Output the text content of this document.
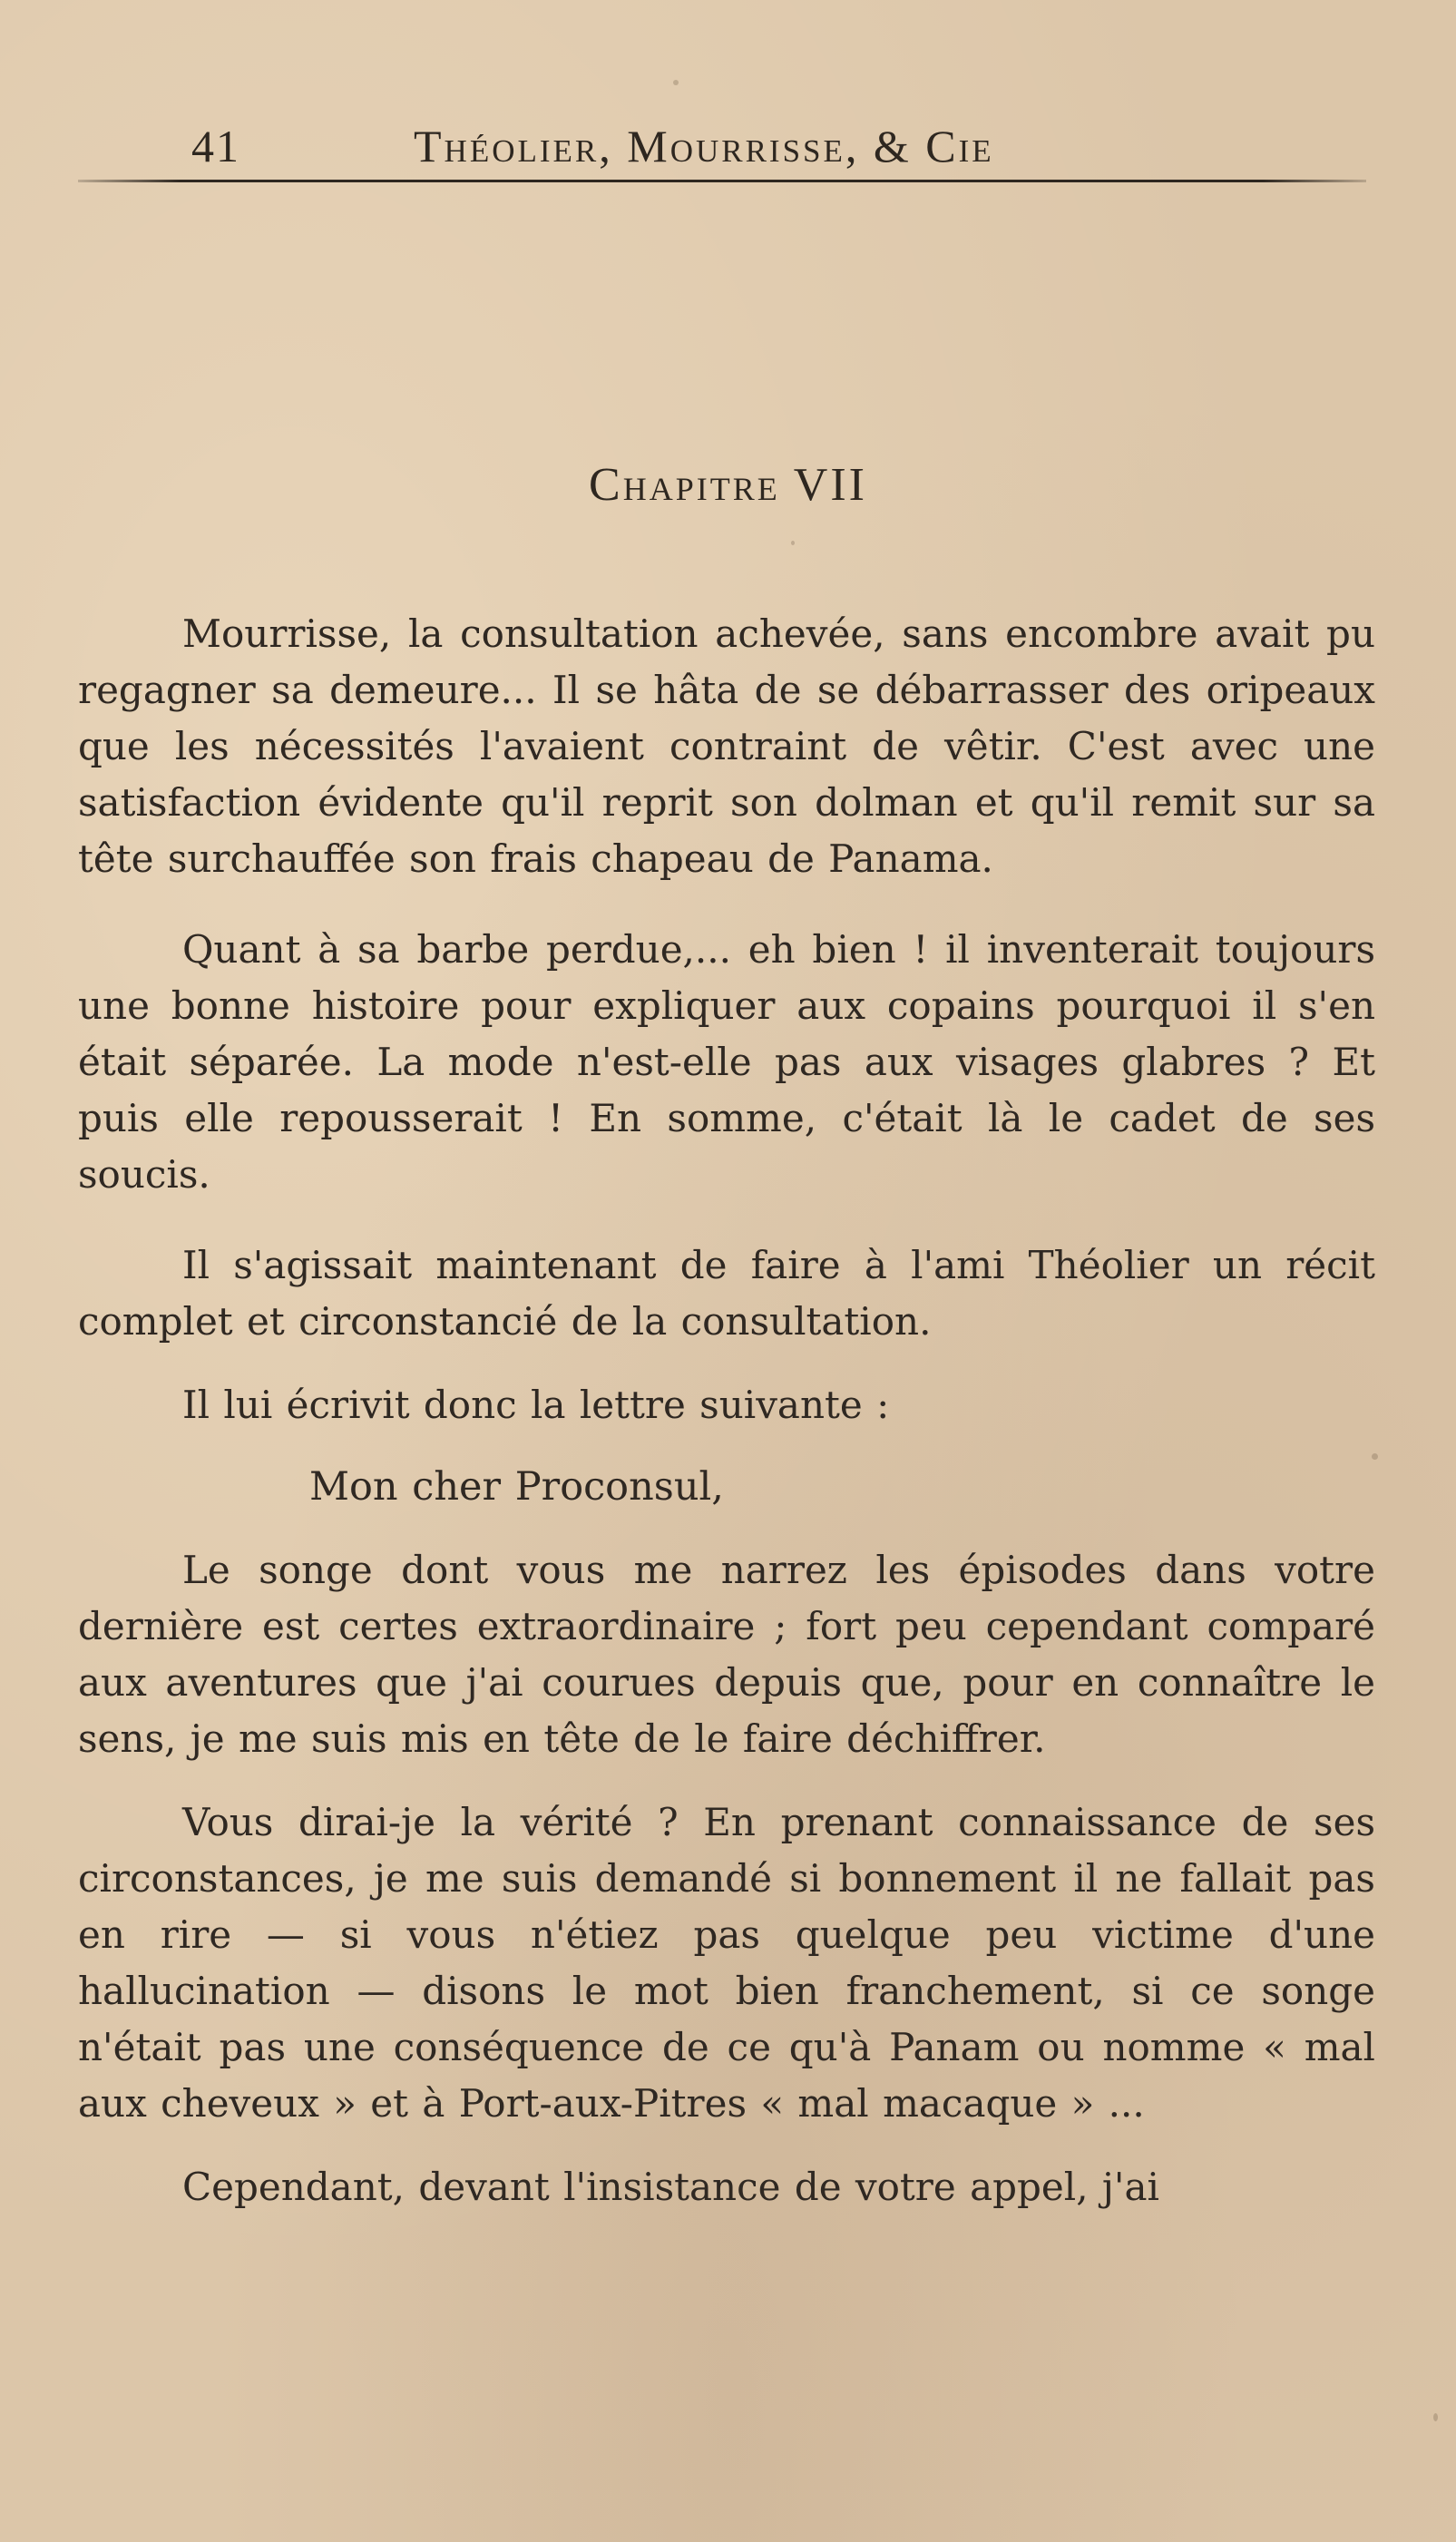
41	Théolier, Mourrisse, & Cie
Chapitre VII

Mourrisse, la consultation achevée, sans encombre avait pu regagner sa demeure... Il se hâta de se débarrasser des oripeaux que les nécessités l'avaient contraint de vêtir. C'est avec une satisfaction évidente qu'il reprit son dolman et qu'il remit sur sa tête surchauffée son frais chapeau de Panama.

Quant à sa barbe perdue,... eh bien ! il inventerait toujours une bonne histoire pour expliquer aux copains pourquoi il s'en était séparée. La mode n'est-elle pas aux visages glabres ? Et puis elle repousserait ! En somme, c'était là le cadet de ses soucis.

Il s'agissait maintenant de faire à l'ami Théolier un récit complet et circonstancié de la consultation.

Il lui écrivit donc la lettre suivante :

Mon cher Proconsul,

Le songe dont vous me narrez les épisodes dans votre dernière est certes extraordinaire ; fort peu cependant comparé aux aventures que j'ai courues depuis que, pour en connaître le sens, je me suis mis en tête de le faire déchiffrer.

Vous dirai-je la vérité ? En prenant connaissance de ses circonstances, je me suis demandé si bonnement il ne fallait pas en rire — si vous n'étiez pas quelque peu victime d'une hallucination — disons le mot bien franchement, si ce songe n'était pas une conséquence de ce qu'à Panam ou nomme « mal aux cheveux » et à Port-aux-Pitres « mal macaque » ...

Cependant, devant l'insistance de votre appel, j'ai
